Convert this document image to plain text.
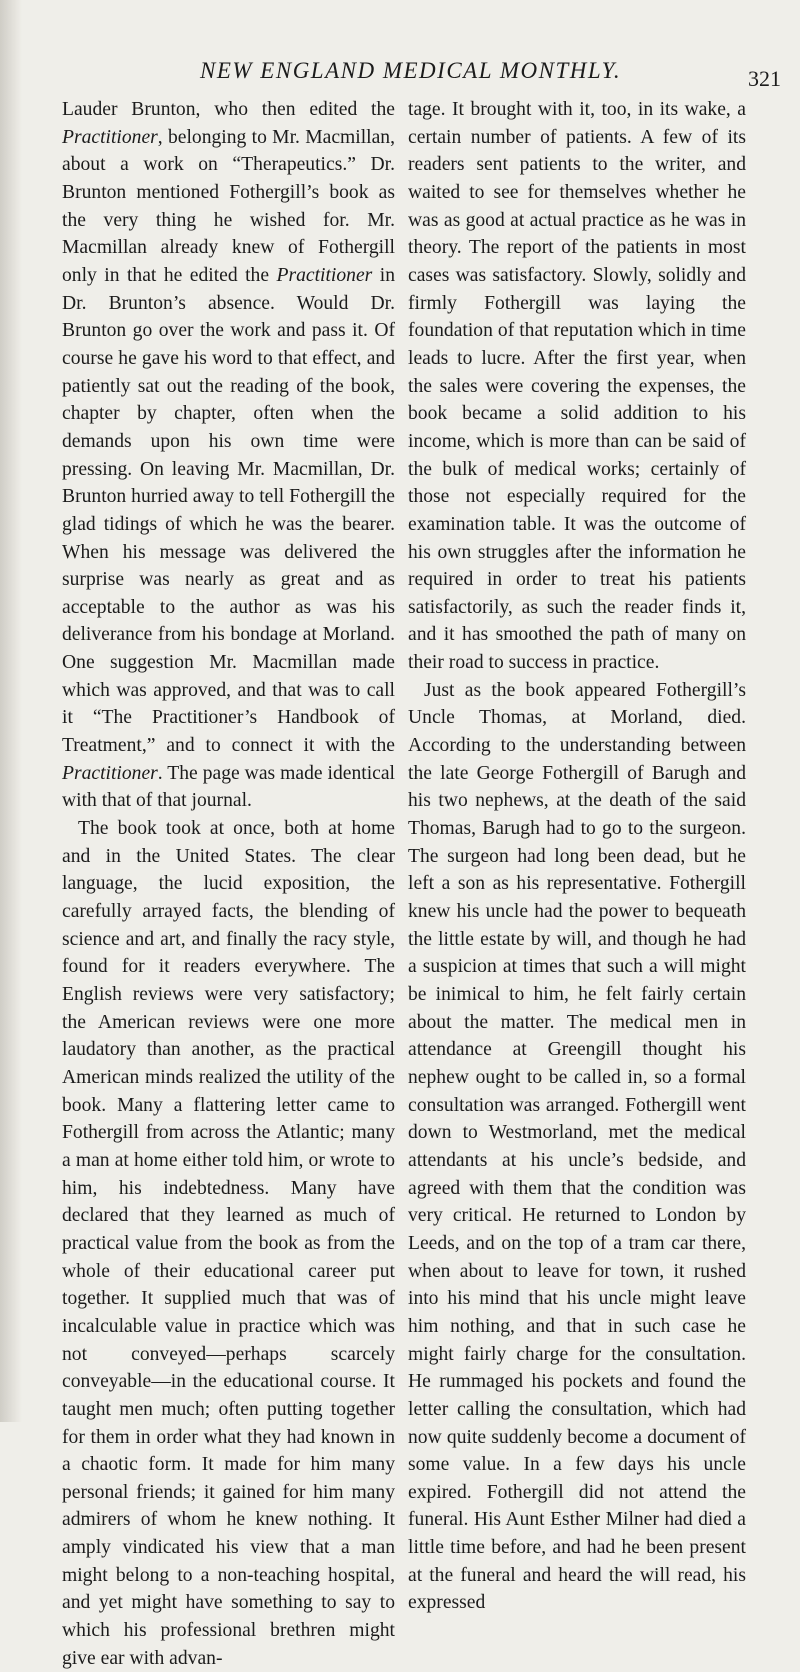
NEW ENGLAND MEDICAL MONTHLY.	321

Lauder Brunton, who then edited the Practitioner, belonging to Mr. Macmillan, about a work on “Therapeutics.” Dr. Brunton mentioned Fothergill’s book as the very thing he wished for. Mr. Macmillan already knew of Fothergill only in that he edited the Practitioner in Dr. Brunton’s absence. Would Dr. Brunton go over the work and pass it. Of course he gave his word to that effect, and patiently sat out the reading of the book, chapter by chapter, often when the demands upon his own time were pressing. On leaving Mr. Macmillan, Dr. Brunton hurried away to tell Fothergill the glad tidings of which he was the bearer. When his message was delivered the surprise was nearly as great and as acceptable to the author as was his deliverance from his bondage at Morland. One suggestion Mr. Macmillan made which was approved, and that was to call it “The Practitioner’s Handbook of Treatment,” and to connect it with the Practitioner. The page was made identical with that of that journal.

The book took at once, both at home and in the United States. The clear language, the lucid exposition, the carefully arrayed facts, the blending of science and art, and finally the racy style, found for it readers everywhere. The English reviews were very satisfactory; the American reviews were one more laudatory than another, as the practical American minds realized the utility of the book. Many a flattering letter came to Fothergill from across the Atlantic; many a man at home either told him, or wrote to him, his indebtedness. Many have declared that they learned as much of practical value from the book as from the whole of their educational career put together. It supplied much that was of incalculable value in practice which was not conveyed—perhaps scarcely conveyable—in the educational course. It taught men much; often putting together for them in order what they had known in a chaotic form. It made for him many personal friends; it gained for him many admirers of whom he knew nothing. It amply vindicated his view that a man might belong to a non-teaching hospital, and yet might have something to say to which his professional brethren might give ear with advan-

tage. It brought with it, too, in its wake, a certain number of patients. A few of its readers sent patients to the writer, and waited to see for themselves whether he was as good at actual practice as he was in theory. The report of the patients in most cases was satisfactory. Slowly, solidly and firmly Fothergill was laying the foundation of that reputation which in time leads to lucre. After the first year, when the sales were covering the expenses, the book became a solid addition to his income, which is more than can be said of the bulk of medical works; certainly of those not especially required for the examination table. It was the outcome of his own struggles after the information he required in order to treat his patients satisfactorily, as such the reader finds it, and it has smoothed the path of many on their road to success in practice.

Just as the book appeared Fothergill’s Uncle Thomas, at Morland, died. According to the understanding between the late George Fothergill of Barugh and his two nephews, at the death of the said Thomas, Barugh had to go to the surgeon. The surgeon had long been dead, but he left a son as his representative. Fothergill knew his uncle had the power to bequeath the little estate by will, and though he had a suspicion at times that such a will might be inimical to him, he felt fairly certain about the matter. The medical men in attendance at Greengill thought his nephew ought to be called in, so a formal consultation was arranged. Fothergill went down to Westmorland, met the medical attendants at his uncle’s bedside, and agreed with them that the condition was very critical. He returned to London by Leeds, and on the top of a tram car there, when about to leave for town, it rushed into his mind that his uncle might leave him nothing, and that in such case he might fairly charge for the consultation. He rummaged his pockets and found the letter calling the consultation, which had now quite suddenly become a document of some value. In a few days his uncle expired. Fothergill did not attend the funeral. His Aunt Esther Milner had died a little time before, and had he been present at the funeral and heard the will read, his expressed
